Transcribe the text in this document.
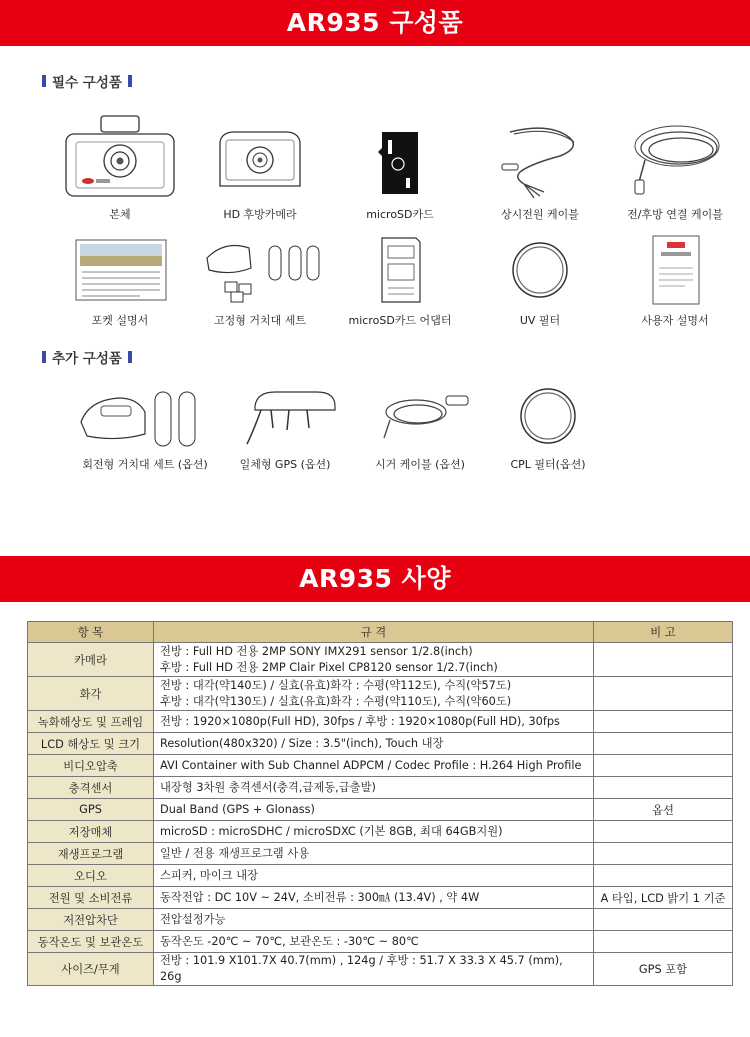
AR935 구성품
필수 구성품
본체	HD 후방카메라	microSD카드	상시전원 케이블	전/후방 연결 케이블
포켓 설명서	고정형 거치대 세트	microSD카드 어댑터	UV 필터	사용자 설명서
추가 구성품
회전형 거치대 세트 (옵션)	일체형 GPS (옵션)	시거 케이블 (옵션)	CPL 필터(옵션)
AR935 사양
항 목	규 격	비 고
카메라	전방 : Full HD 전용 2MP SONY IMX291 sensor 1/2.8(inch)
후방 : Full HD 전용 2MP Clair Pixel CP8120 sensor 1/2.7(inch)	

화각	전방 : 대각(약140도) / 실효(유효)화각 : 수평(약112도), 수직(약57도)
후방 : 대각(약130도) / 실효(유효)화각 : 수평(약110도), 수직(약60도)	

녹화해상도 및 프레임	전방 : 1920×1080p(Full HD), 30fps / 후방 : 1920×1080p(Full HD), 30fps	
LCD 해상도 및 크기	Resolution(480x320) / Size : 3.5"(inch), Touch 내장	
비디오압축	AVI Container with Sub Channel ADPCM / Codec Profile : H.264 High Profile	
충격센서	내장형 3차원 충격센서(충격,급제동,급출발)	
GPS	Dual Band (GPS + Glonass)	옵션
저장매체	microSD : microSDHC / microSDXC (기본 8GB, 최대 64GB지원)	
재생프로그램	일반 / 전용 재생프로그램 사용	
오디오	스피커, 마이크 내장	
전원 및 소비전류	동작전압 : DC 10V ~ 24V, 소비전류 : 300㎃ (13.4V) , 약 4W	A 타입, LCD 밝기 1 기준
저전압차단	전압설정가능	
동작온도 및 보관온도	동작온도 -20℃ ~ 70℃, 보관온도 : -30℃ ~ 80℃	
사이즈/무게	전방 : 101.9 X101.7X 40.7(mm) , 124g / 후방 : 51.7 X 33.3 X 45.7 (mm), 26g	GPS 포함
